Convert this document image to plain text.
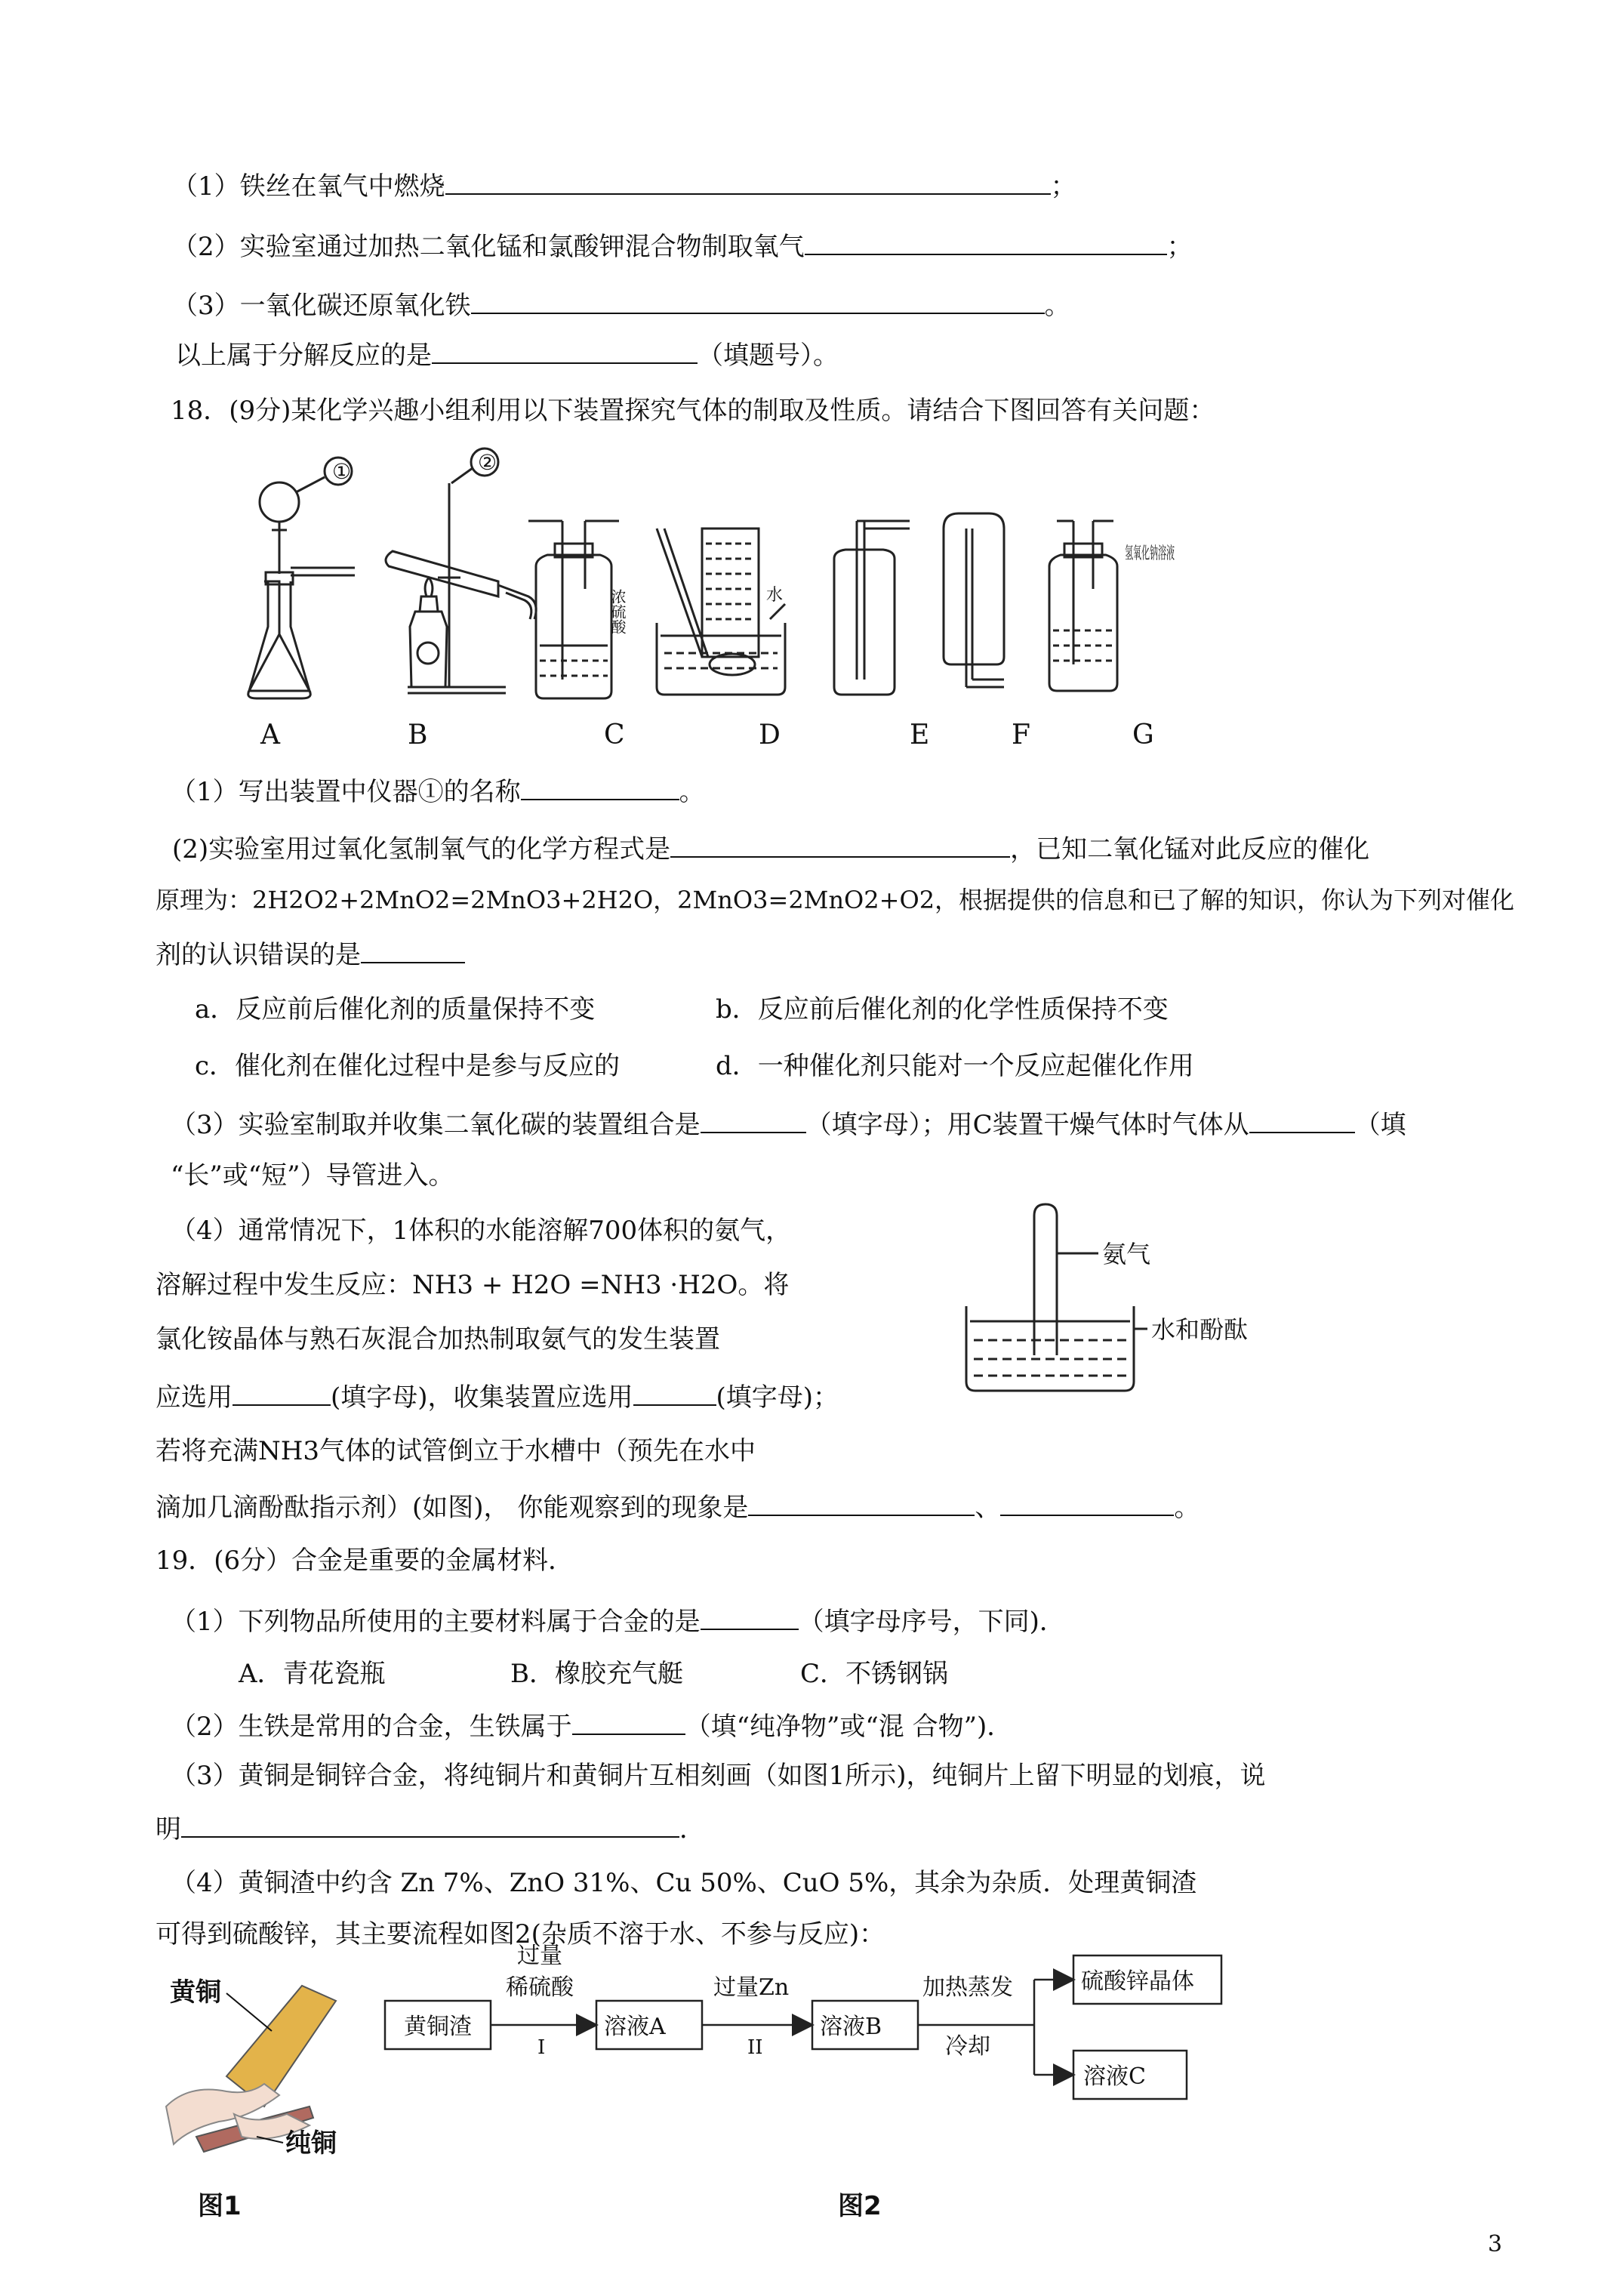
（1）铁丝在氧气中燃烧	；
（2）实验室通过加热二氧化锰和氯酸钾混合物制取氧气	；
（3）一氧化碳还原氧化铁	。
以上属于分解反应的是	（填题号）。
18．(9分)某化学兴趣小组利用以下装置探究气体的制取及性质。请结合下图回答有关问题：
①	②
浓硫酸	水
氢氧化钠溶液
A	B	C	D	E	F	G
（1）写出装置中仪器①的名称	。
(2)实验室用过氧化氢制氧气的化学方程式是	，已知二氧化锰对此反应的催化
原理为：2H2O2+2MnO2=2MnO3+2H2O，2MnO3=2MnO2+O2，根据提供的信息和已了解的知识，你认为下列对催化
剂的认识错误的是
a．反应前后催化剂的质量保持不变	b．反应前后催化剂的化学性质保持不变
c．催化剂在催化过程中是参与反应的	d．一种催化剂只能对一个反应起催化作用
（3）实验室制取并收集二氧化碳的装置组合是	（填字母）；用C装置干燥气体时气体从	（填
“长”或“短”）导管进入。
（4）通常情况下，1体积的水能溶解700体积的氨气，
溶解过程中发生反应：NH3 + H2O =NH3 ·H2O。将
氯化铵晶体与熟石灰混合加热制取氨气的发生装置
应选用	(填字母)，收集装置应选用	(填字母)；
若将充满NH3气体的试管倒立于水槽中（预先在水中
滴加几滴酚酞指示剂）(如图)， 你能观察到的现象是	、	。
氨气
水和酚酞
19．(6分）合金是重要的金属材料．
（1）下列物品所使用的主要材料属于合金的是	（填字母序号，下同)．
A．青花瓷瓶	B．橡胶充气艇	C．不锈钢锅
（2）生铁是常用的合金，生铁属于	（填“纯净物”或“混 合物”)．
（3）黄铜是铜锌合金，将纯铜片和黄铜片互相刻画（如图1所示)，纯铜片上留下明显的划痕，说
明	．
（4）黄铜渣中约含 Zn 7%、ZnO 31%、Cu 50%、CuO 5%，其余为杂质．处理黄铜渣
可得到硫酸锌，其主要流程如图2(杂质不溶于水、不参与反应)：
黄铜
纯铜
图1
黄铜渣
过量
稀硫酸
I
溶液A
过量Zn
II
溶液B
加热蒸发
冷却
硫酸锌晶体
溶液C
图2
3
